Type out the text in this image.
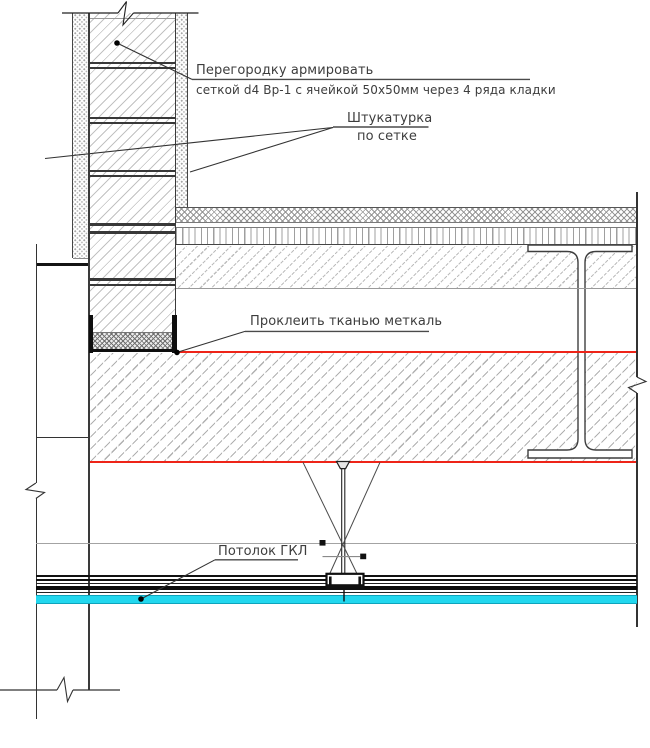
Перегородку армировать
сеткой d4 Вр-1 с ячейкой 50х50мм через 4 ряда кладки
Штукатурка
по сетке
Проклеить тканью меткаль
Потолок ГКЛ
